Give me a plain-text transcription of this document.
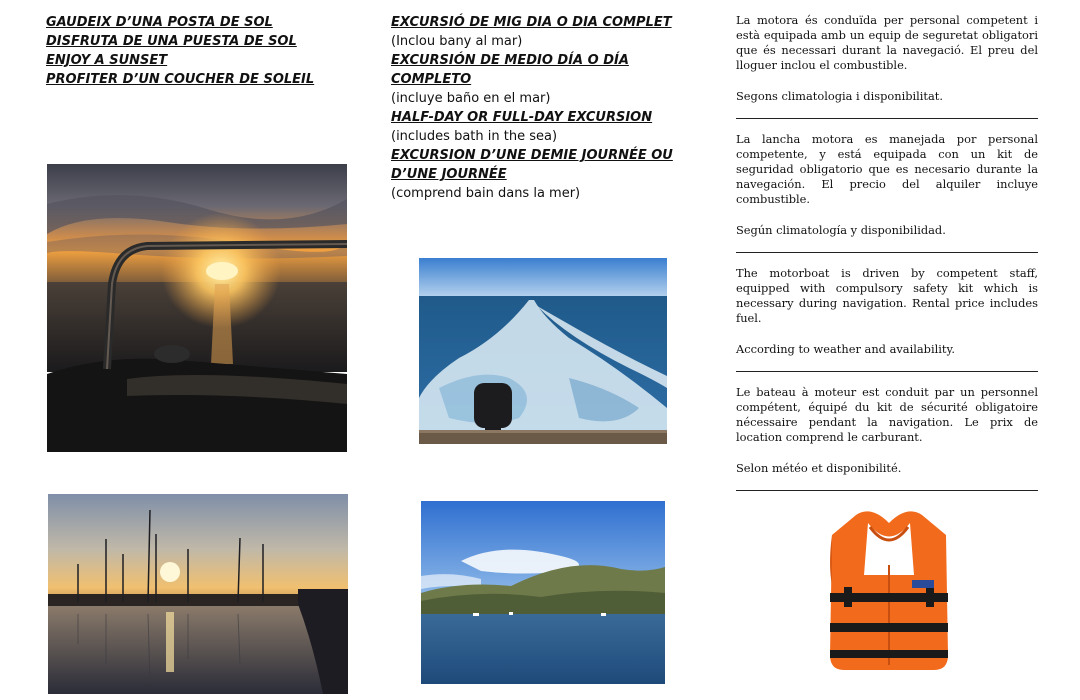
GAUDEIX D’UNA POSTA DE SOL
DISFRUTA DE UNA PUESTA DE SOL
ENJOY A SUNSET
PROFITER D’UN COUCHER DE SOLEIL
EXCURSIÓ DE MIG DIA O DIA COMPLET
(Inclou bany al mar)
EXCURSIÓN DE MEDIO DÍA O DÍA COMPLETO
(incluye baño en el mar)
HALF-DAY OR FULL-DAY EXCURSION
(includes bath in the sea)
EXCURSION D’UNE DEMIE JOURNÉE OU D’UNE JOURNÉE
(comprend bain dans la mer)

La motora és conduïda per personal competent i està equipada amb un equip de seguretat obligatori que és necessari durant la navegació. El preu del lloguer inclou el combustible.

Segons climatologia i disponibilitat.

La lancha motora es manejada por personal competente, y está equipada con un kit de seguridad obligatorio que es necesario durante la navegación. El precio del alquiler incluye combustible.

Según climatología y disponibilidad.

The motorboat is driven by competent staff, equipped with compulsory safety kit which is necessary during navigation. Rental price includes fuel.

According to weather and availability.

Le bateau à moteur est conduit par un personnel compétent, équipé du kit de sécurité obligatoire nécessaire pendant la navigation. Le prix de location comprend le carburant.

Selon météo et disponibilité.
